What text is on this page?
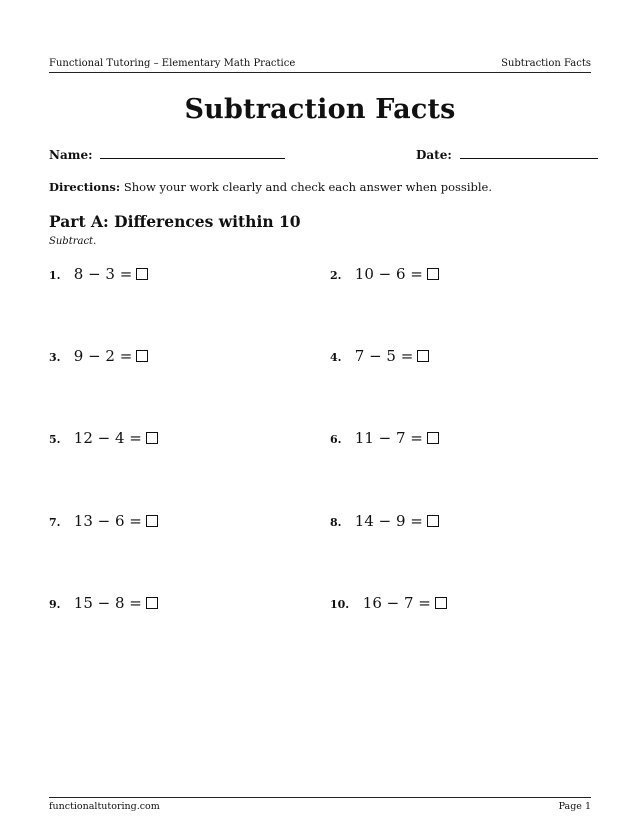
Functional Tutoring – Elementary Math Practice	Subtraction Facts
Subtraction Facts
Name:	Date:
Directions: Show your work clearly and check each answer when possible.
Part A: Differences within 10
Subtract.
1. 8 − 3 =	2. 10 − 6 =
3. 9 − 2 =	4. 7 − 5 =
5. 12 − 4 =	6. 11 − 7 =
7. 13 − 6 =	8. 14 − 9 =
9. 15 − 8 =	10. 16 − 7 =
functionaltutoring.com	Page 1
